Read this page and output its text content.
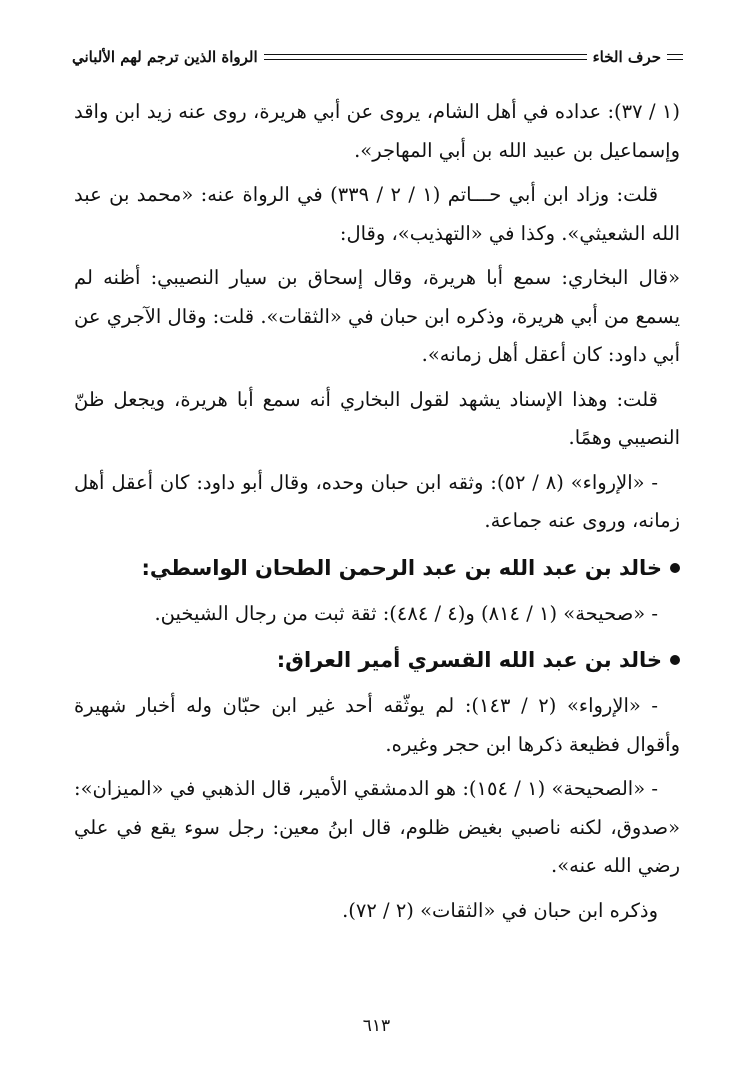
حرف الخاء
الرواة الذين ترجم لهم الألباني

(١ / ٣٧): عداده في أهل الشام، يروى عن أبي هريرة، روى عنه زيد ابن واقد وإسماعيل بن عبيد الله بن أبي المهاجر».

قلت: وزاد ابن أبي حـــاتم (١ / ٢ / ٣٣٩) في الرواة عنه: «محمد بن عبد الله الشعيثي». وكذا في «التهذيب»، وقال:

«قال البخاري: سمع أبا هريرة، وقال إسحاق بن سيار النصيبي: أظنه لم يسمع من أبي هريرة، وذكره ابن حبان في «الثقات». قلت: وقال الآجري عن أبي داود: كان أعقل أهل زمانه».

قلت: وهذا الإسناد يشهد لقول البخاري أنه سمع أبا هريرة، ويجعل ظنّ النصيبي وهمًا.

- «الإرواء» (٨ / ٥٢): وثقه ابن حبان وحده، وقال أبو داود: كان أعقل أهل زمانه، وروى عنه جماعة.

خالد بن عبد الله بن عبد الرحمن الطحان الواسطي:

- «صحيحة» (١ / ٨١٤) و(٤ / ٤٨٤): ثقة ثبت من رجال الشيخين.

خالد بن عبد الله القسري أمير العراق:

- «الإرواء» (٢ / ١٤٣): لم يوثّقه أحد غير ابن حبّان وله أخبار شهيرة وأقوال فظيعة ذكرها ابن حجر وغيره.

- «الصحيحة» (١ / ١٥٤): هو الدمشقي الأمير، قال الذهبي في «الميزان»: «صدوق، لكنه ناصبي بغيض ظلوم، قال ابنُ معين: رجل سوء يقع في علي رضي الله عنه».

وذكره ابن حبان في «الثقات» (٢ / ٧٢).

٦١٣
